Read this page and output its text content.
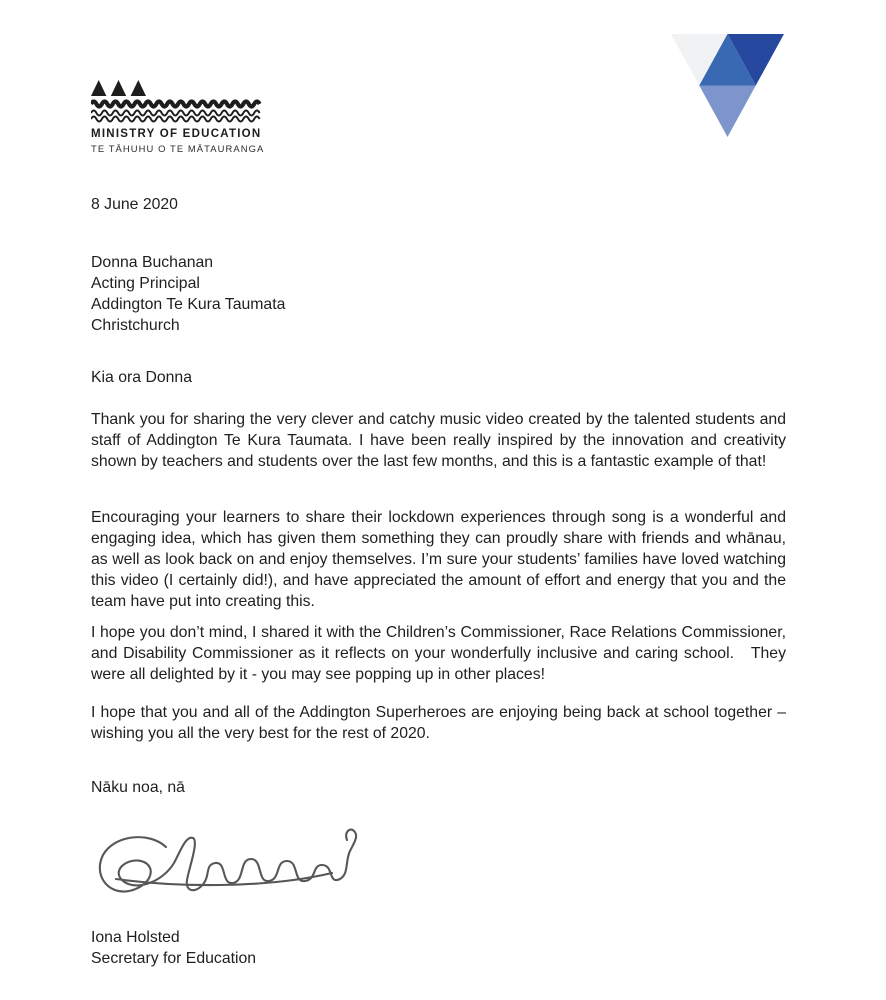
MINISTRY OF EDUCATION
TE TĀHUHU O TE MĀTAURANGA
8 June 2020
Donna Buchanan
Acting Principal
Addington Te Kura Taumata
Christchurch
Kia ora Donna
Thank you for sharing the very clever and catchy music video created by the talented students and staff of Addington Te Kura Taumata. I have been really inspired by the innovation and creativity shown by teachers and students over the last few months, and this is a fantastic example of that!
Encouraging your learners to share their lockdown experiences through song is a wonderful and engaging idea, which has given them something they can proudly share with friends and whānau, as well as look back on and enjoy themselves. I’m sure your students’ families have loved watching this video (I certainly did!), and have appreciated the amount of effort and energy that you and the team have put into creating this.
I hope you don’t mind, I shared it with the Children’s Commissioner, Race Relations Commissioner, and Disability Commissioner as it reflects on your wonderfully inclusive and caring school.   They were all delighted by it - you may see popping up in other places!
I hope that you and all of the Addington Superheroes are enjoying being back at school together – wishing you all the very best for the rest of 2020.
Nāku noa, nā
Iona Holsted
Secretary for Education
